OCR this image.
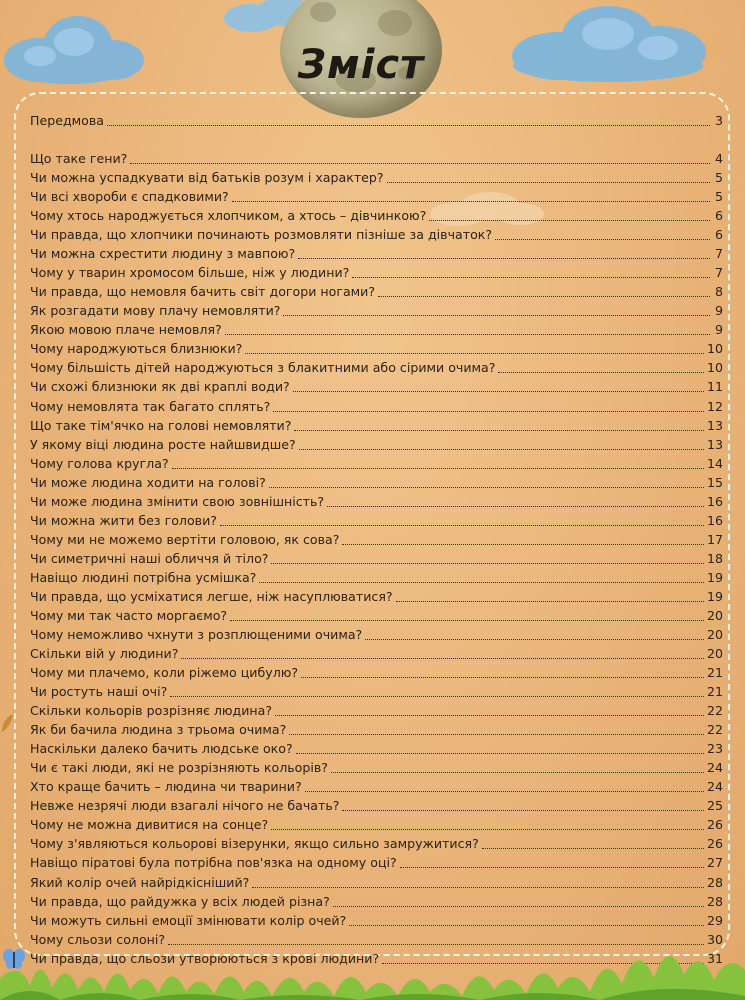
Зміст
Передмова	3
Що таке гени?	4
Чи можна успадкувати від батьків розум і характер?	5
Чи всі хвороби є спадковими?	5
Чому хтось народжується хлопчиком, а хтось – дівчинкою?	6
Чи правда, що хлопчики починають розмовляти пізніше за дівчаток?	6
Чи можна схрестити людину з мавпою?	7
Чому у тварин хромосом більше, ніж у людини?	7
Чи правда, що немовля бачить світ догори ногами?	8
Як розгадати мову плачу немовляти?	9
Якою мовою плаче немовля?	9
Чому народжуються близнюки?	10
Чому більшість дітей народжуються з блакитними або сірими очима?	10
Чи схожі близнюки як дві краплі води?	11
Чому немовлята так багато сплять?	12
Що таке тім'ячко на голові немовляти?	13
У якому віці людина росте найшвидше?	13
Чому голова кругла?	14
Чи може людина ходити на голові?	15
Чи може людина змінити свою зовнішність?	16
Чи можна жити без голови?	16
Чому ми не можемо вертіти головою, як сова?	17
Чи симетричні наші обличчя й тіло?	18
Навіщо людині потрібна усмішка?	19
Чи правда, що усміхатися легше, ніж насуплюватися?	19
Чому ми так часто моргаємо?	20
Чому неможливо чхнути з розплющеними очима?	20
Скільки вій у людини?	20
Чому ми плачемо, коли ріжемо цибулю?	21
Чи ростуть наші очі?	21
Скільки кольорів розрізняє людина?	22
Як би бачила людина з трьома очима?	22
Наскільки далеко бачить людське око?	23
Чи є такі люди, які не розрізняють кольорів?	24
Хто краще бачить – людина чи тварини?	24
Невже незрячі люди взагалі нічого не бачать?	25
Чому не можна дивитися на сонце?	26
Чому з'являються кольорові візерунки, якщо сильно замружитися?	26
Навіщо піратові була потрібна пов'язка на одному оці?	27
Який колір очей найрідкісніший?	28
Чи правда, що райдужка у всіх людей різна?	28
Чи можуть сильні емоції змінювати колір очей?	29
Чому сльози солоні?	30
Чи правда, що сльози утворюються з крові людини?	31
